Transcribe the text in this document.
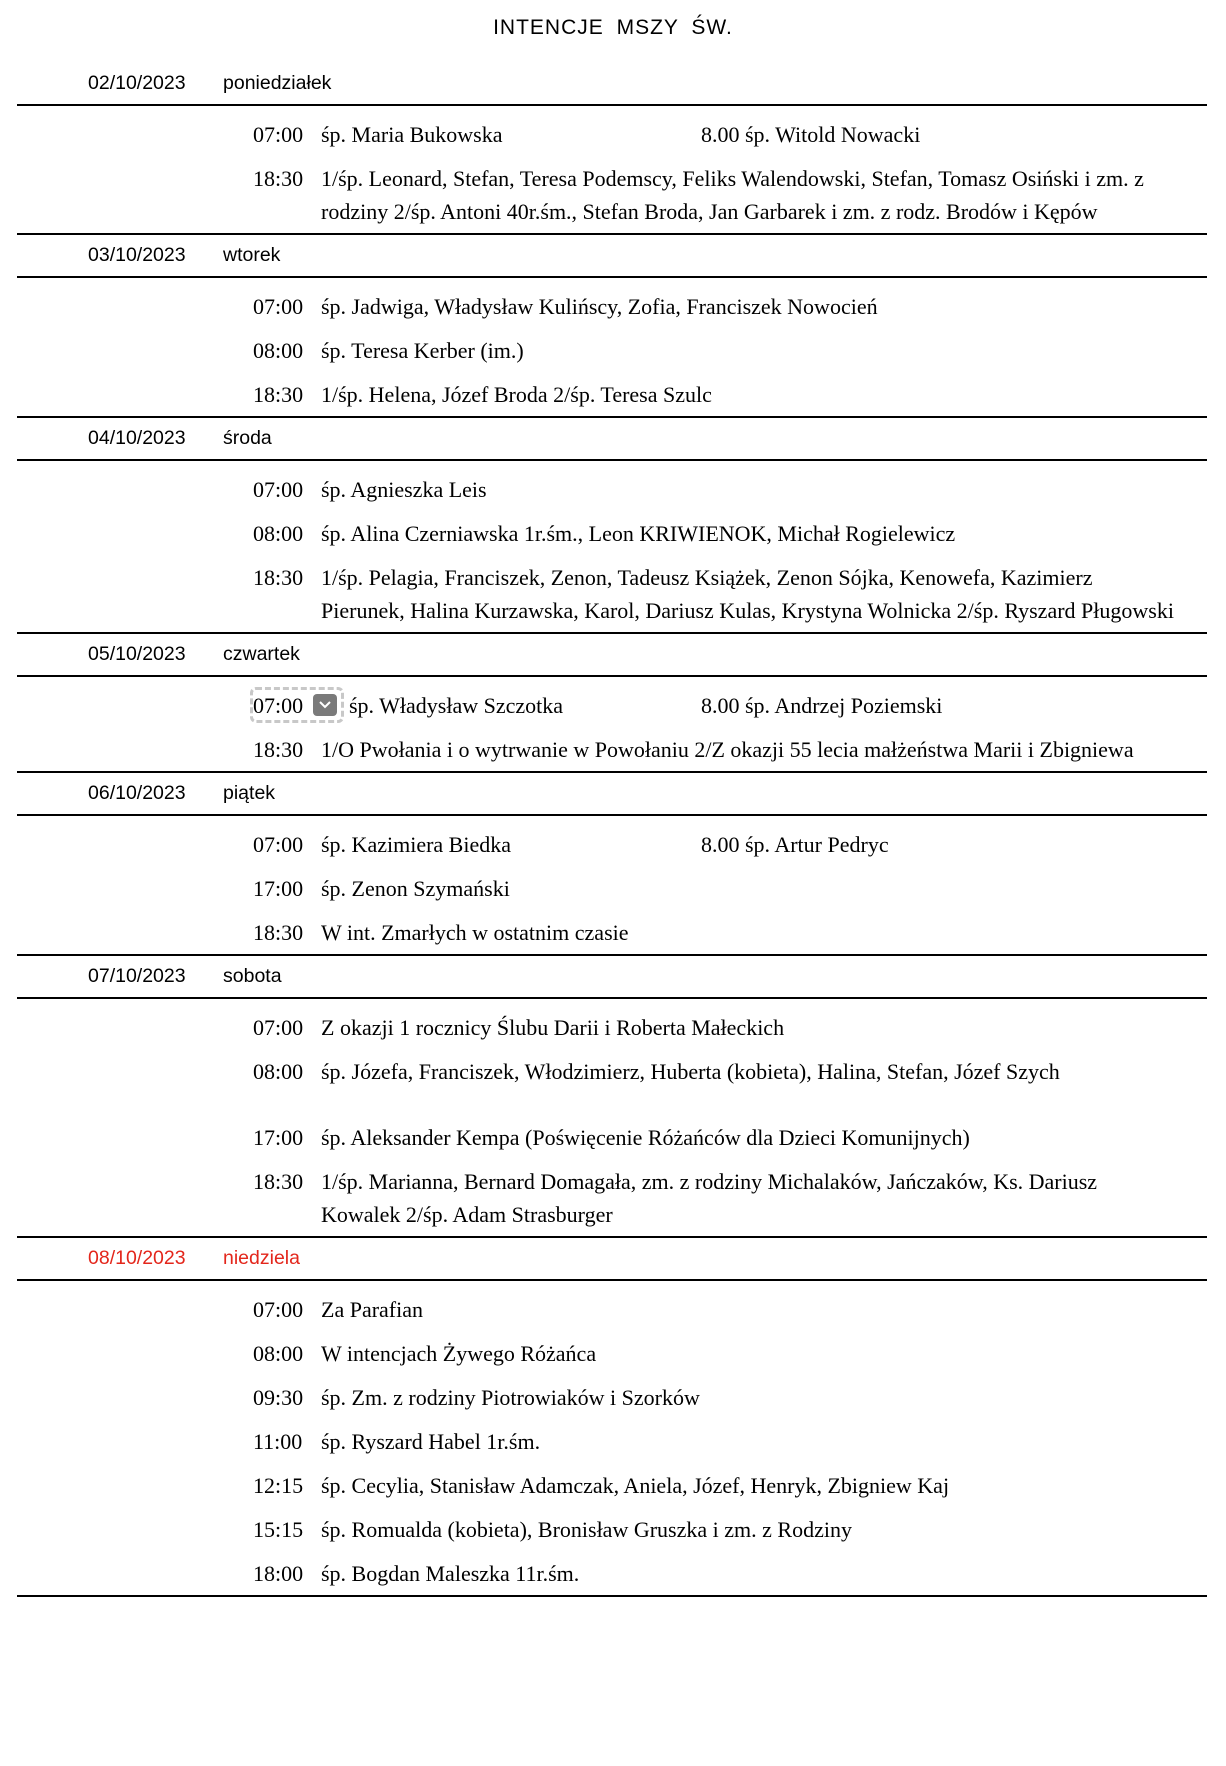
INTENCJE MSZY ŚW.
02/10/2023	poniedziałek
07:00 śp. Maria Bukowska	8.00 śp. Witold Nowacki
18:30 1/śp. Leonard, Stefan, Teresa Podemscy, Feliks Walendowski, Stefan, Tomasz Osiński i zm. z rodziny 2/śp. Antoni 40r.śm., Stefan Broda, Jan Garbarek i zm. z rodz. Brodów i Kępów
03/10/2023	wtorek
07:00 śp. Jadwiga, Władysław Kulińscy, Zofia, Franciszek Nowocień
08:00 śp. Teresa Kerber (im.)
18:30 1/śp. Helena, Józef Broda 2/śp. Teresa Szulc
04/10/2023	środa
07:00 śp. Agnieszka Leis
08:00 śp. Alina Czerniawska 1r.śm., Leon KRIWIENOK, Michał Rogielewicz
18:30 1/śp. Pelagia, Franciszek, Zenon, Tadeusz Książek, Zenon Sójka, Kenowefa, Kazimierz Pierunek, Halina Kurzawska, Karol, Dariusz Kulas, Krystyna Wolnicka 2/śp. Ryszard Pługowski
05/10/2023	czwartek
07:00	śp. Władysław Szczotka	8.00 śp. Andrzej Poziemski
18:30 1/O Pwołania i o wytrwanie w Powołaniu 2/Z okazji 55 lecia małżeństwa Marii i Zbigniewa
06/10/2023	piątek
07:00 śp. Kazimiera Biedka	8.00 śp. Artur Pedryc
17:00 śp. Zenon Szymański
18:30 W int. Zmarłych w ostatnim czasie
07/10/2023	sobota
07:00 Z okazji 1 rocznicy Ślubu Darii i Roberta Małeckich
08:00 śp. Józefa, Franciszek, Włodzimierz, Huberta (kobieta), Halina, Stefan, Józef Szych
17:00 śp. Aleksander Kempa (Poświęcenie Różańców dla Dzieci Komunijnych)
18:30 1/śp. Marianna, Bernard Domagała, zm. z rodziny Michalaków, Jańczaków, Ks. Dariusz Kowalek 2/śp. Adam Strasburger
08/10/2023	niedziela
07:00 Za Parafian
08:00 W intencjach Żywego Różańca
09:30 śp. Zm. z rodziny Piotrowiaków i Szorków
11:00 śp. Ryszard Habel 1r.śm.
12:15 śp. Cecylia, Stanisław Adamczak, Aniela, Józef, Henryk, Zbigniew Kaj
15:15 śp. Romualda (kobieta), Bronisław Gruszka i zm. z Rodziny
18:00 śp. Bogdan Maleszka 11r.śm.
